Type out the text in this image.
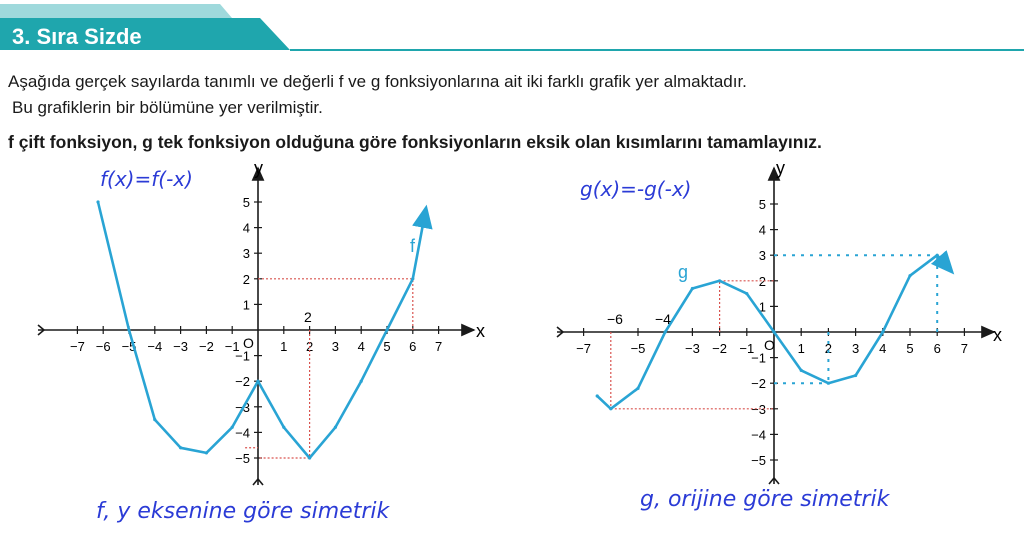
3. Sıra Sizde
Aşağıda gerçek sayılarda tanımlı ve değerli f ve g fonksiyonlarına ait iki farklı grafik yer almaktadır.
Bu grafiklerin bir bölümüne yer verilmiştir.
f çift fonksiyon, g tek fonksiyon olduğuna göre fonksiyonların eksik olan kısımlarını tamamlayınız.
−7 −6 −5 −4 −3 −2 −1	1 2 3 4 5 6 7
5
4
3
2
1
−1
−2
−3
−4
−5
f(x)=f(-x)
f, y eksenine göre simetrik
f
x
y
O
2
−7	−5	−3 −2 −1	1 2 3 4 5 6 7
5
4
3
2
1
−1
−2
−3
−4
−5
g(x)=-g(-x)
g, orijine göre simetrik
g
x
y
O
−6 −4
